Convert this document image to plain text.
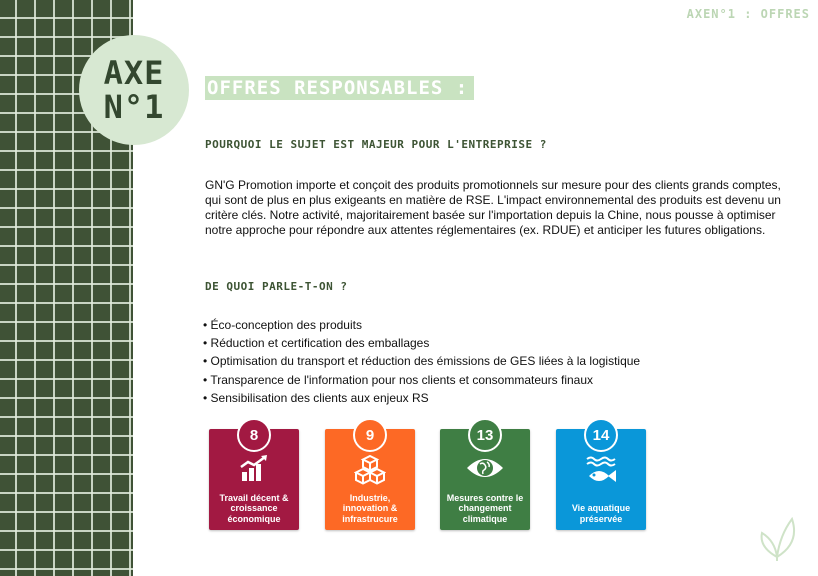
AXE
N°1
AXEN°1 : OFFRES
OFFRES RESPONSABLES :
POURQUOI LE SUJET EST MAJEUR POUR L'ENTREPRISE ?
GN'G Promotion importe et conçoit des produits promotionnels sur mesure pour des clients grands comptes, qui sont de plus en plus exigeants en matière de RSE. L'impact environnemental des produits est devenu un critère clés. Notre activité, majoritairement basée sur l'importation depuis la Chine, nous pousse à optimiser notre approche pour répondre aux attentes réglementaires (ex. RDUE) et anticiper les futures obligations.
DE QUOI PARLE-T-ON ?
• Éco-conception des produits
• Réduction et certification des emballages
• Optimisation du transport et réduction des émissions de GES liées à la logistique
• Transparence de l'information pour nos clients et consommateurs finaux
• Sensibilisation des clients aux enjeux RS
8
Travail décent & croissance économique
9
Industrie, innovation & infrastrucure
13
Mesures contre le changement climatique
14
Vie aquatique préservée
